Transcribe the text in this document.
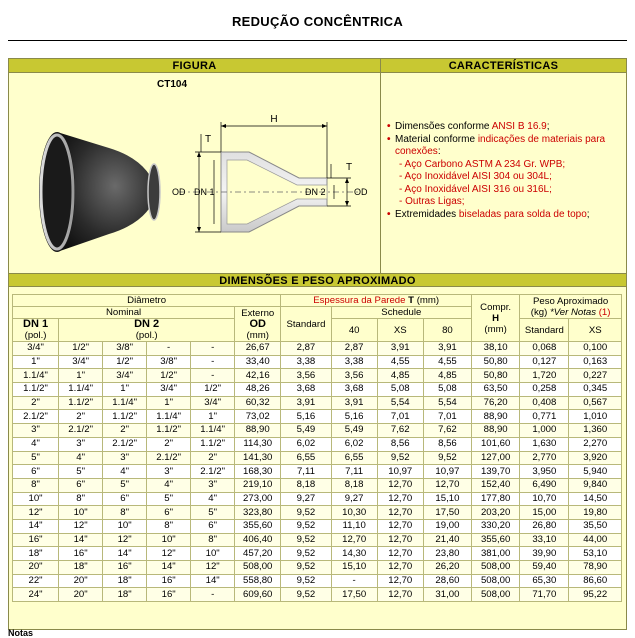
REDUÇÃO CONCÊNTRICA
FIGURA	CARACTERÍSTICAS
CT104
H
T
T
OD DN 1	DN 2	OD
• Dimensões conforme ANSI B 16.9;
• Material conforme indicações de materiais para conexões:
- Aço Carbono ASTM A 234 Gr. WPB;
- Aço Inoxidável AISI 304 ou 304L;
- Aço Inoxidável AISI 316 ou 316L;
- Outras Ligas;
• Extremidades biseladas para solda de topo;
DIMENSÕES E PESO APROXIMADO
Diâmetro						Espessura da Parede T (mm)				Compr.
H
(mm)	Peso Aproximado
(kg) *Ver Notas (1)	
Nominal					Externo
OD
(mm)	Standard	Schedule					
DN 1
(pol.)	DN 2
(pol.)						40	XS	80		Standard	XS
3/4"	1/2"	3/8"	-	-	26,67	2,87	2,87	3,91	3,91	38,10	0,068	0,100
1"	3/4"	1/2"	3/8"	-	33,40	3,38	3,38	4,55	4,55	50,80	0,127	0,163
1.1/4"	1"	3/4"	1/2"	-	42,16	3,56	3,56	4,85	4,85	50,80	1,720	0,227
1.1/2"	1.1/4"	1"	3/4"	1/2"	48,26	3,68	3,68	5,08	5,08	63,50	0,258	0,345
2"	1.1/2"	1.1/4"	1"	3/4"	60,32	3,91	3,91	5,54	5,54	76,20	0,408	0,567
2.1/2"	2"	1.1/2"	1.1/4"	1"	73,02	5,16	5,16	7,01	7,01	88,90	0,771	1,010
3"	2.1/2"	2"	1.1/2"	1.1/4"	88,90	5,49	5,49	7,62	7,62	88,90	1,000	1,360
4"	3"	2.1/2"	2"	1.1/2"	114,30	6,02	6,02	8,56	8,56	101,60	1,630	2,270
5"	4"	3"	2.1/2"	2"	141,30	6,55	6,55	9,52	9,52	127,00	2,770	3,920
6"	5"	4"	3"	2.1/2"	168,30	7,11	7,11	10,97	10,97	139,70	3,950	5,940
8"	6"	5"	4"	3"	219,10	8,18	8,18	12,70	12,70	152,40	6,490	9,840
10"	8"	6"	5"	4"	273,00	9,27	9,27	12,70	15,10	177,80	10,70	14,50
12"	10"	8"	6"	5"	323,80	9,52	10,30	12,70	17,50	203,20	15,00	19,80
14"	12"	10"	8"	6"	355,60	9,52	11,10	12,70	19,00	330,20	26,80	35,50
16"	14"	12"	10"	8"	406,40	9,52	12,70	12,70	21,40	355,60	33,10	44,00
18"	16"	14"	12"	10"	457,20	9,52	14,30	12,70	23,80	381,00	39,90	53,10
20"	18"	16"	14"	12"	508,00	9,52	15,10	12,70	26,20	508,00	59,40	78,90
22"	20"	18"	16"	14"	558,80	9,52	-	12,70	28,60	508,00	65,30	86,60
24"	20"	18"	16"	-	609,60	9,52	17,50	12,70	31,00	508,00	71,70	95,22
Notas
